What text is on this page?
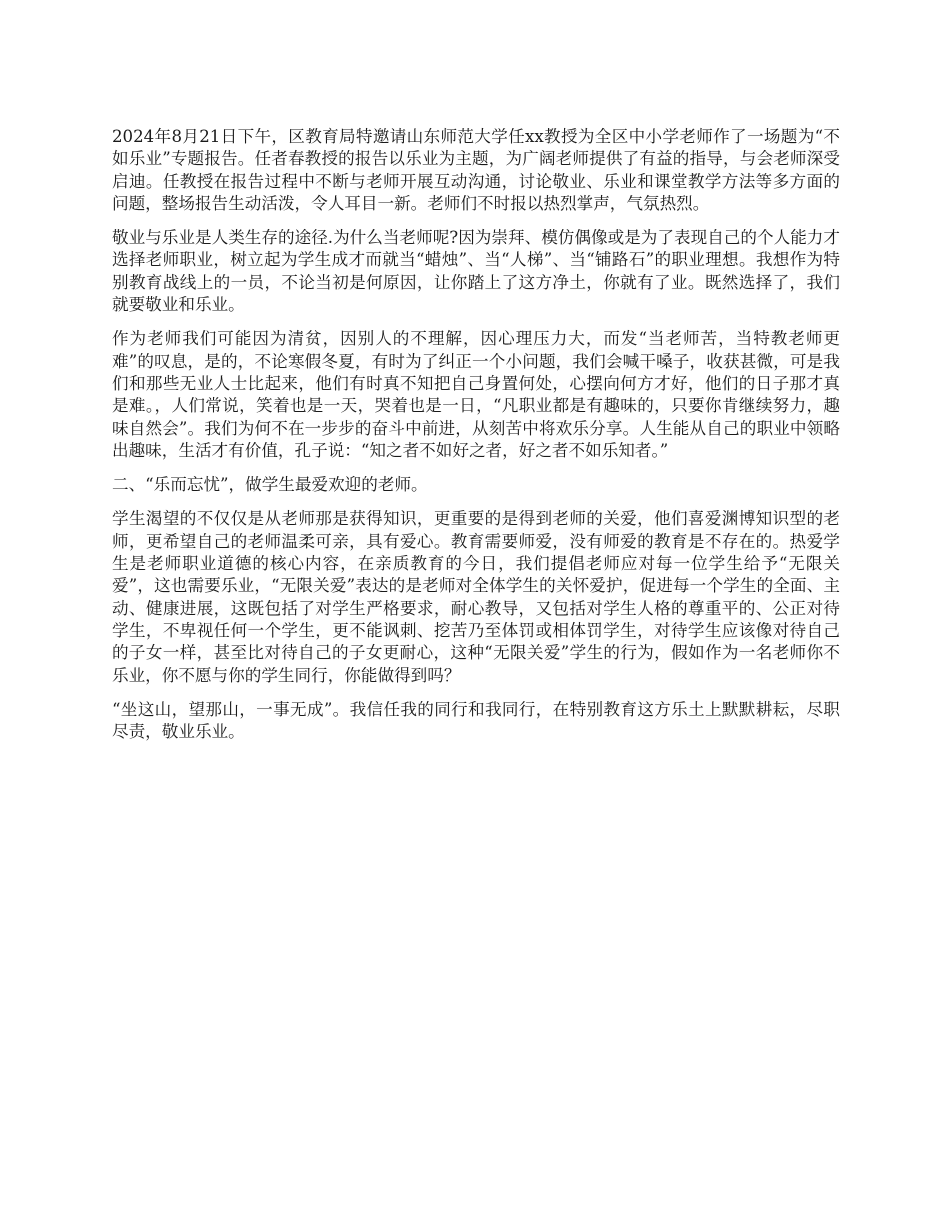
2024年8月21日下午，区教育局特邀请山东师范大学任xx教授为全区中小学老师作了一场题为“不如乐业”专题报告。任者春教授的报告以乐业为主题，为广阔老师提供了有益的指导，与会老师深受启迪。任教授在报告过程中不断与老师开展互动沟通，讨论敬业、乐业和课堂教学方法等多方面的问题，整场报告生动活泼，令人耳目一新。老师们不时报以热烈掌声，气氛热烈。

敬业与乐业是人类生存的途径.为什么当老师呢?因为崇拜、模仿偶像或是为了表现自己的个人能力才选择老师职业，树立起为学生成才而就当“蜡烛”、当“人梯”、当“铺路石”的职业理想。我想作为特别教育战线上的一员，不论当初是何原因，让你踏上了这方净土，你就有了业。既然选择了，我们就要敬业和乐业。

作为老师我们可能因为清贫，因别人的不理解，因心理压力大，而发“当老师苦，当特教老师更难”的叹息，是的，不论寒假冬夏，有时为了纠正一个小问题，我们会喊干嗓子，收获甚微，可是我们和那些无业人士比起来，他们有时真不知把自己身置何处，心摆向何方才好，他们的日子那才真是难。，人们常说，笑着也是一天，哭着也是一日，“凡职业都是有趣味的，只要你肯继续努力，趣味自然会”。我们为何不在一步步的奋斗中前进，从刻苦中将欢乐分享。人生能从自己的职业中领略出趣味，生活才有价值，孔子说：“知之者不如好之者，好之者不如乐知者。”

二、“乐而忘忧”，做学生最爱欢迎的老师。

学生渴望的不仅仅是从老师那是获得知识，更重要的是得到老师的关爱，他们喜爱渊博知识型的老师，更希望自己的老师温柔可亲，具有爱心。教育需要师爱，没有师爱的教育是不存在的。热爱学生是老师职业道德的核心内容，在亲质教育的今日，我们提倡老师应对每一位学生给予“无限关爱”，这也需要乐业，“无限关爱”表达的是老师对全体学生的关怀爱护，促进每一个学生的全面、主动、健康进展，这既包括了对学生严格要求，耐心教导，又包括对学生人格的尊重平的、公正对待学生，不卑视任何一个学生，更不能讽刺、挖苦乃至体罚或相体罚学生，对待学生应该像对待自己的子女一样，甚至比对待自己的子女更耐心，这种“无限关爱”学生的行为，假如作为一名老师你不乐业，你不愿与你的学生同行，你能做得到吗？

“坐这山，望那山，一事无成”。我信任我的同行和我同行，在特别教育这方乐土上默默耕耘，尽职尽责，敬业乐业。
